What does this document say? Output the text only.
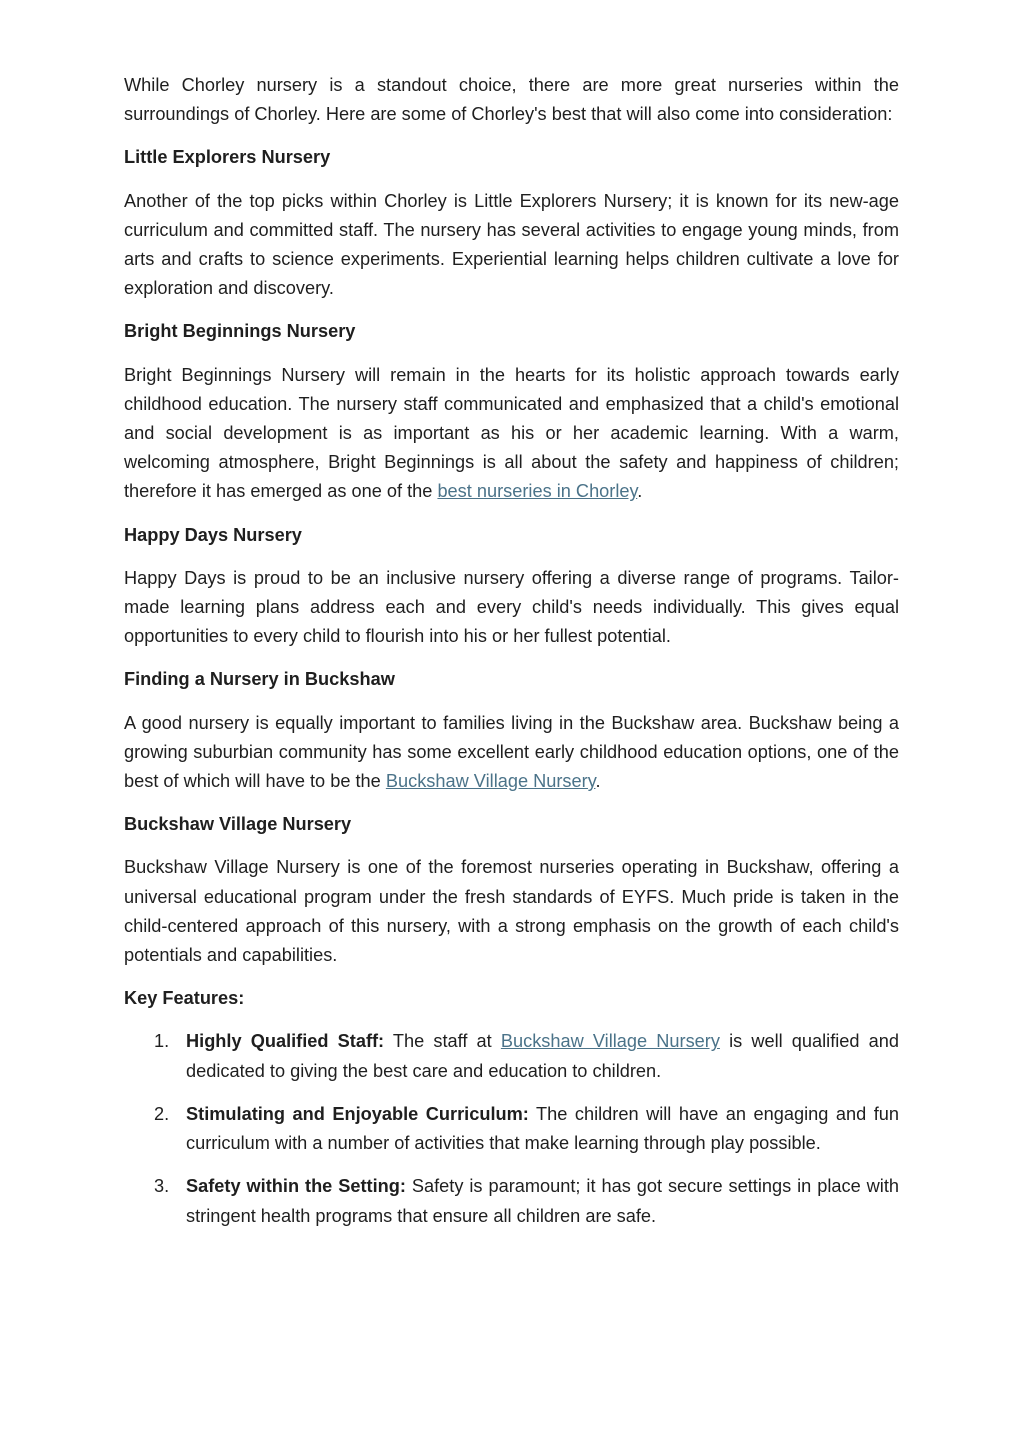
While Chorley nursery is a standout choice, there are more great nurseries within the surroundings of Chorley. Here are some of Chorley's best that will also come into consideration:

Little Explorers Nursery

Another of the top picks within Chorley is Little Explorers Nursery; it is known for its new-age curriculum and committed staff. The nursery has several activities to engage young minds, from arts and crafts to science experiments. Experiential learning helps children cultivate a love for exploration and discovery.

Bright Beginnings Nursery

Bright Beginnings Nursery will remain in the hearts for its holistic approach towards early childhood education. The nursery staff communicated and emphasized that a child's emotional and social development is as important as his or her academic learning. With a warm, welcoming atmosphere, Bright Beginnings is all about the safety and happiness of children; therefore it has emerged as one of the best nurseries in Chorley.

Happy Days Nursery

Happy Days is proud to be an inclusive nursery offering a diverse range of programs. Tailor-made learning plans address each and every child's needs individually. This gives equal opportunities to every child to flourish into his or her fullest potential.

Finding a Nursery in Buckshaw

A good nursery is equally important to families living in the Buckshaw area. Buckshaw being a growing suburbian community has some excellent early childhood education options, one of the best of which will have to be the Buckshaw Village Nursery.

Buckshaw Village Nursery

Buckshaw Village Nursery is one of the foremost nurseries operating in Buckshaw, offering a universal educational program under the fresh standards of EYFS. Much pride is taken in the child-centered approach of this nursery, with a strong emphasis on the growth of each child's potentials and capabilities.

Key Features:

1. Highly Qualified Staff: The staff at Buckshaw Village Nursery is well qualified and dedicated to giving the best care and education to children.
2. Stimulating and Enjoyable Curriculum: The children will have an engaging and fun curriculum with a number of activities that make learning through play possible.
3. Safety within the Setting: Safety is paramount; it has got secure settings in place with stringent health programs that ensure all children are safe.
